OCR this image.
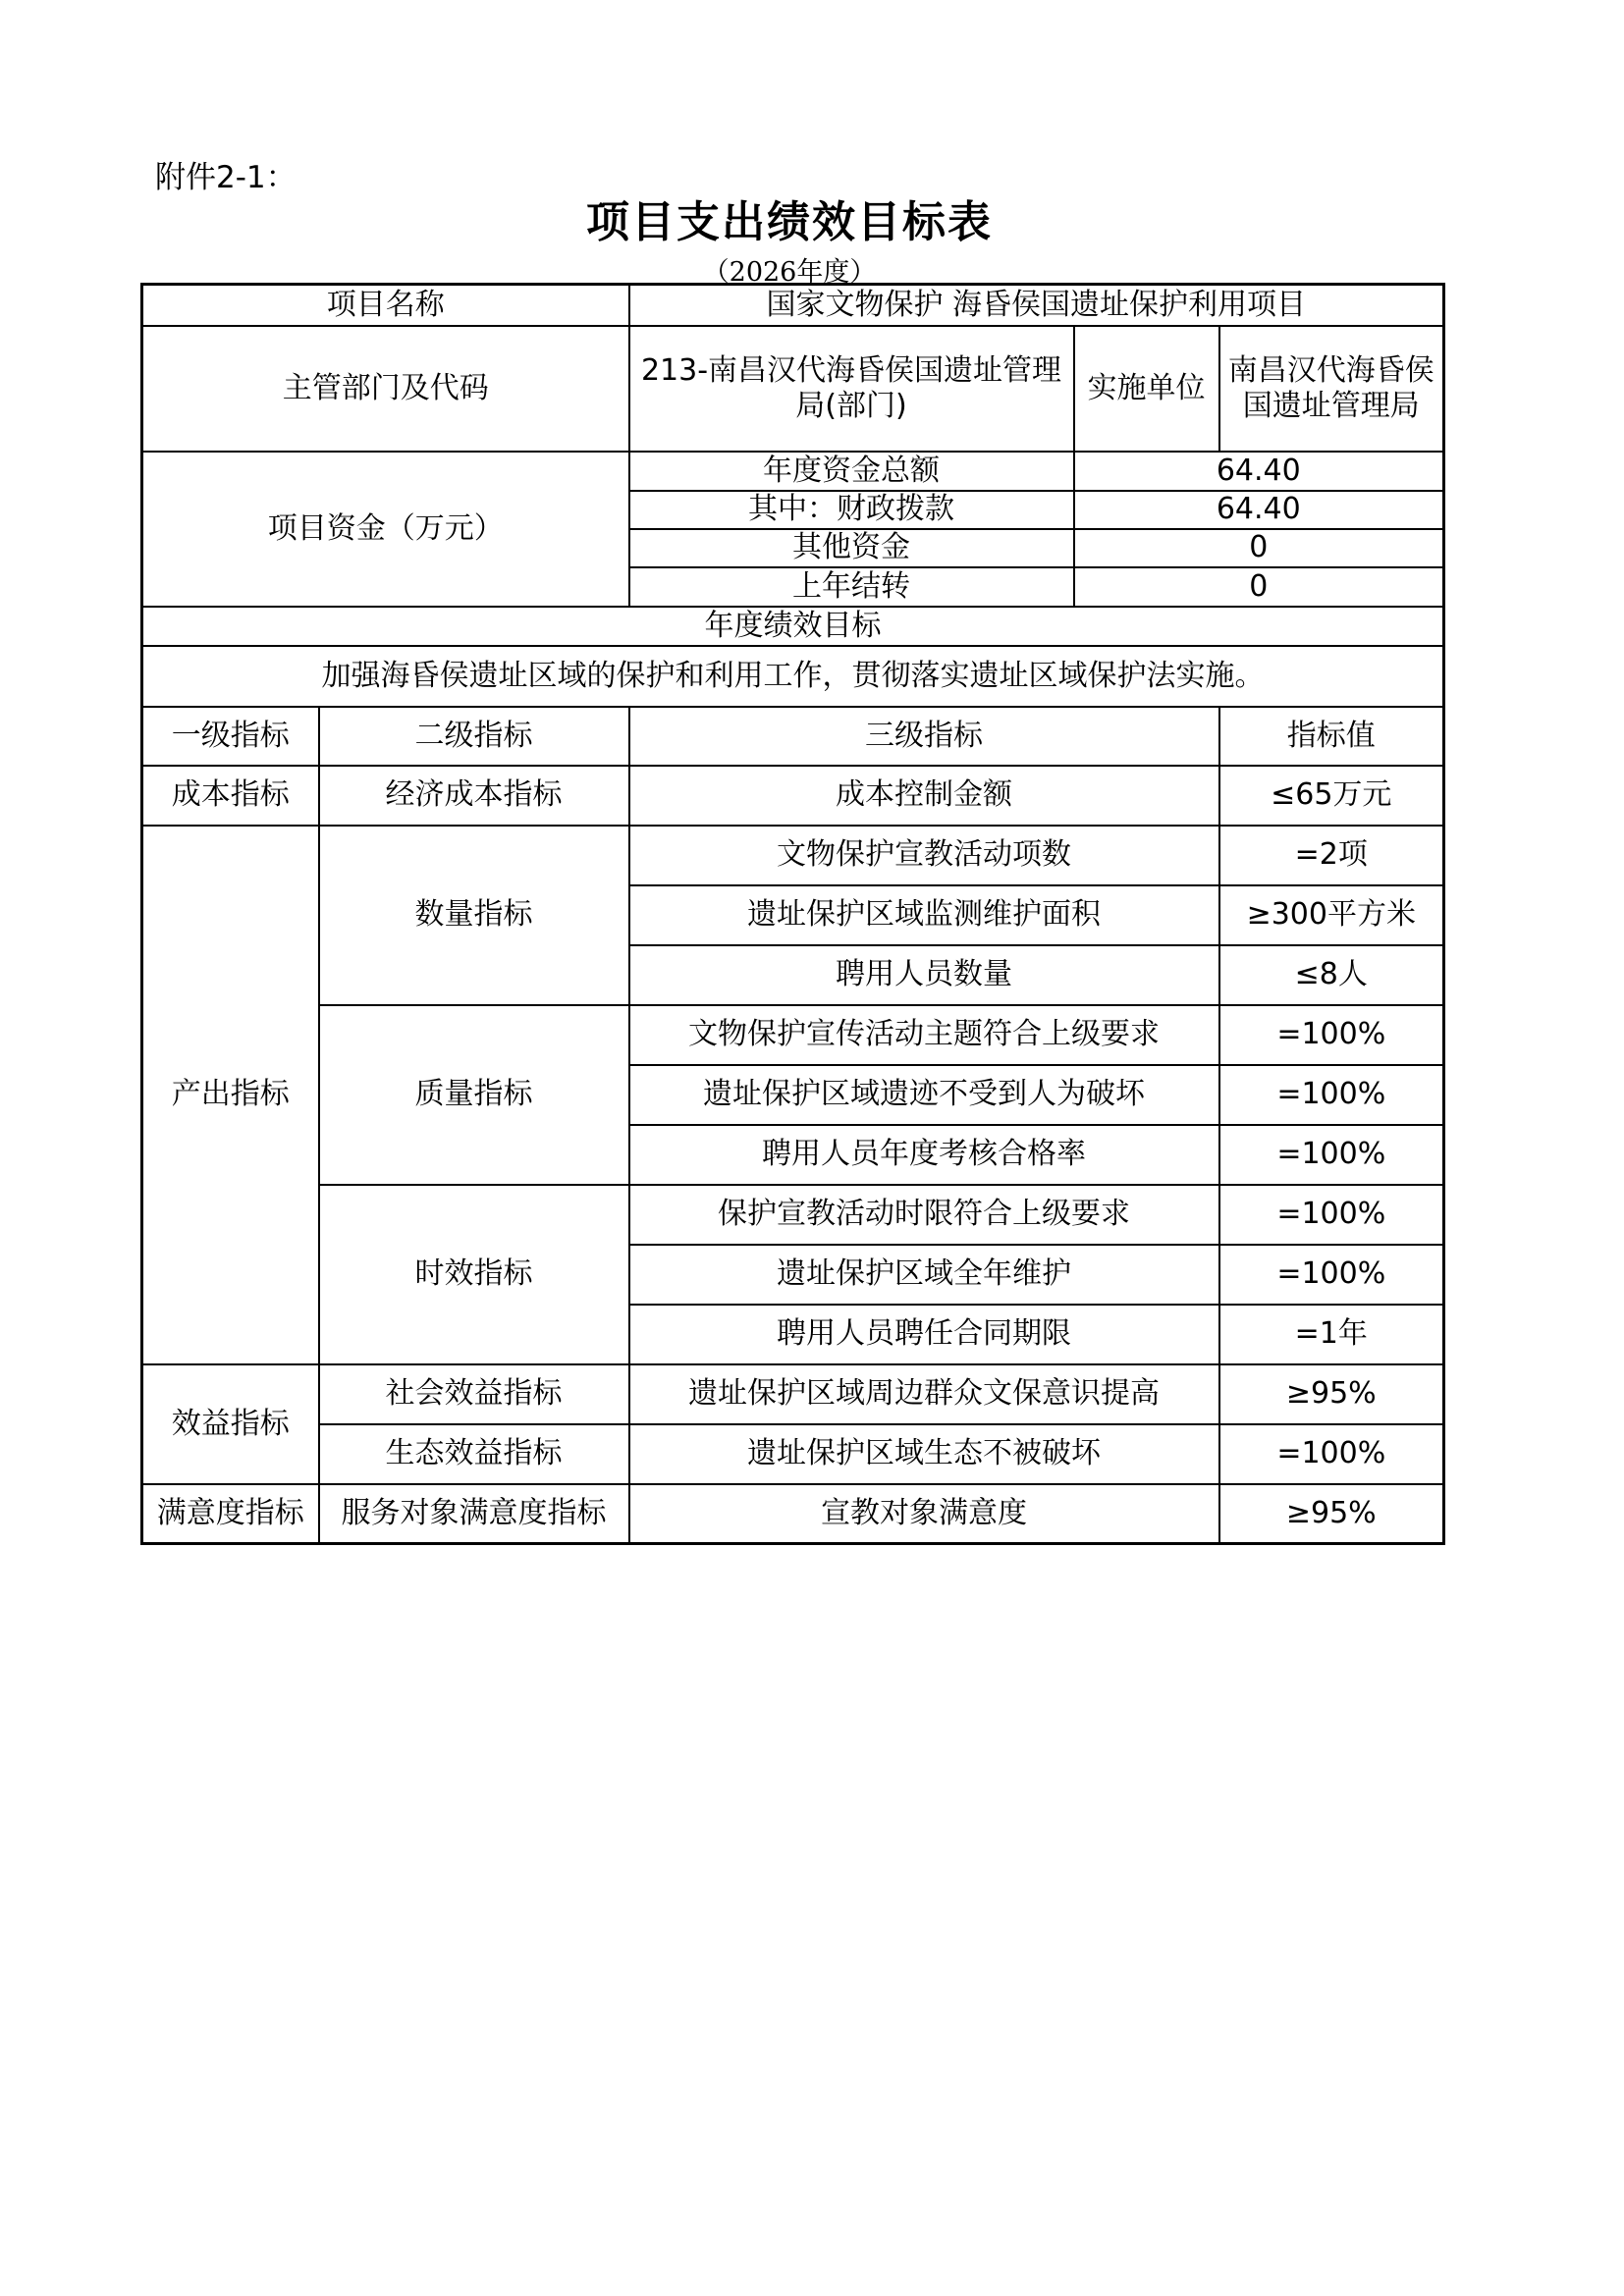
附件2-1：
项目支出绩效目标表
（2026年度）
项目名称		国家文物保护 海昏侯国遗址保护利用项目		
主管部门及代码		213-南昌汉代海昏侯国遗址管理局(部门)	实施单位	南昌汉代海昏侯国遗址管理局
项目资金（万元）		年度资金总额	64.40	
		其中：财政拨款	64.40	
		其他资金	0	
		上年结转	0	
年度绩效目标				
加强海昏侯遗址区域的保护和利用工作，贯彻落实遗址区域保护法实施。				
一级指标	二级指标	三级指标		指标值
成本指标	经济成本指标	成本控制金额		≤65万元
产出指标	数量指标	文物保护宣教活动项数		=2项
		遗址保护区域监测维护面积		≥300平方米
		聘用人员数量		≤8人
	质量指标	文物保护宣传活动主题符合上级要求		=100%
		遗址保护区域遗迹不受到人为破坏		=100%
		聘用人员年度考核合格率		=100%
	时效指标	保护宣教活动时限符合上级要求		=100%
		遗址保护区域全年维护		=100%
		聘用人员聘任合同期限		=1年
效益指标	社会效益指标	遗址保护区域周边群众文保意识提高		≥95%
	生态效益指标	遗址保护区域生态不被破坏		=100%
满意度指标	服务对象满意度指标	宣教对象满意度		≥95%
